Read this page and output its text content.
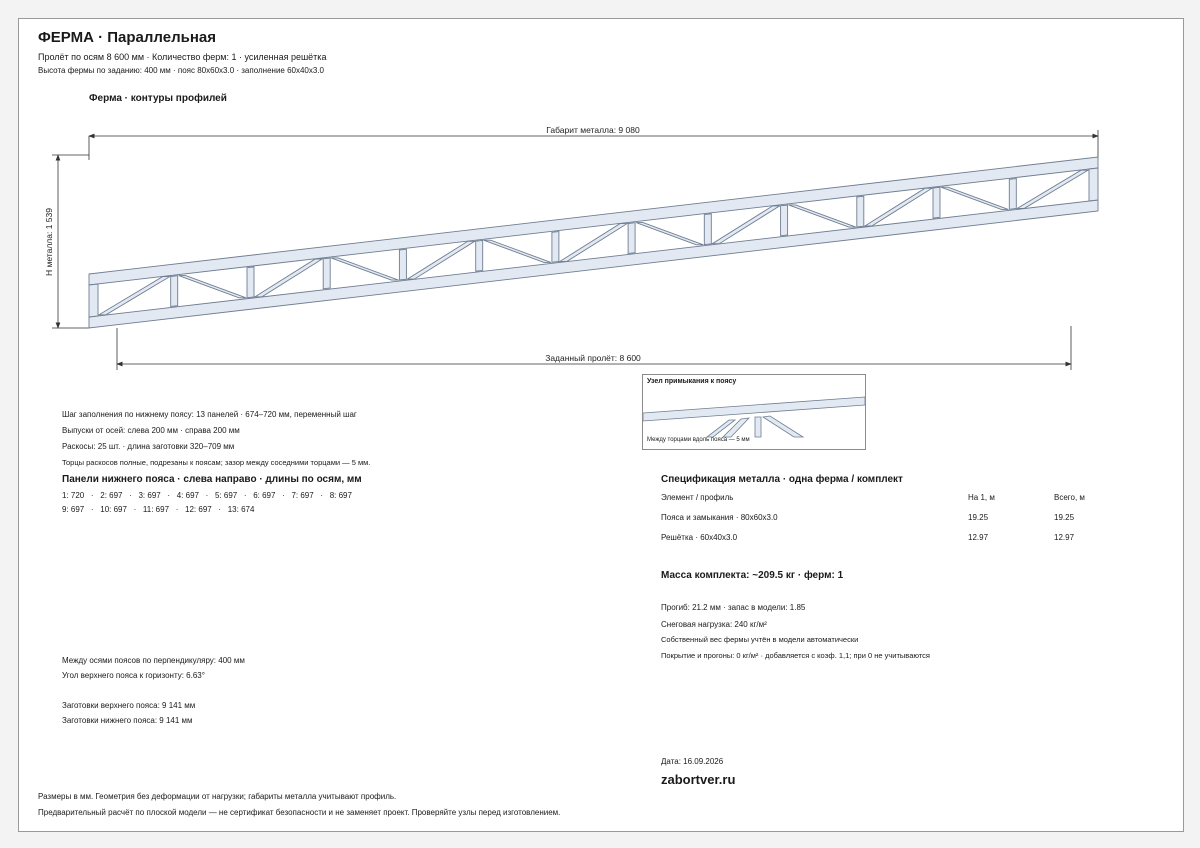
ФЕРМА · Параллельная
Пролёт по осям 8 600 мм · Количество ферм: 1 · усиленная решётка
Высота фермы по заданию: 400 мм · пояс 80х60х3.0 · заполнение 60х40х3.0
Ферма · контуры профилей
Габарит металла: 9 080
Заданный пролёт: 8 600
H металла: 1 539
Шаг заполнения по нижнему поясу: 13 панелей · 674–720 мм, переменный шаг
Выпуски от осей: слева 200 мм · справа 200 мм
Раскосы: 25 шт. · длина заготовки 320–709 мм
Торцы раскосов полные, подрезаны к поясам; зазор между соседними торцами — 5 мм.
Панели нижнего пояса · слева направо · длины по осям, мм
1: 720   ·   2: 697   ·   3: 697   ·   4: 697   ·   5: 697   ·   6: 697   ·   7: 697   ·   8: 697
9: 697   ·   10: 697   ·   11: 697   ·   12: 697   ·   13: 674
Между осями поясов по перпендикуляру: 400 мм
Угол верхнего пояса к горизонту: 6.63°
Заготовки верхнего пояса: 9 141 мм
Заготовки нижнего пояса: 9 141 мм
Узел примыкания к поясу
Между торцами вдоль пояса — 5 мм
Спецификация металла · одна ферма / комплект
Элемент / профиль	На 1, м	Всего, м
Пояса и замыкания · 80х60х3.0	19.25	19.25
Решётка · 60х40х3.0	12.97	12.97
Масса комплекта: ~209.5 кг · ферм: 1
Прогиб: 21.2 мм · запас в модели: 1.85
Снеговая нагрузка: 240 кг/м²
Собственный вес фермы учтён в модели автоматически
Покрытие и прогоны: 0 кг/м² · добавляется с коэф. 1,1; при 0 не учитываются
Дата: 16.09.2026
zabortver.ru
Размеры в мм. Геометрия без деформации от нагрузки; габариты металла учитывают профиль.
Предварительный расчёт по плоской модели — не сертификат безопасности и не заменяет проект. Проверяйте узлы перед изготовлением.
